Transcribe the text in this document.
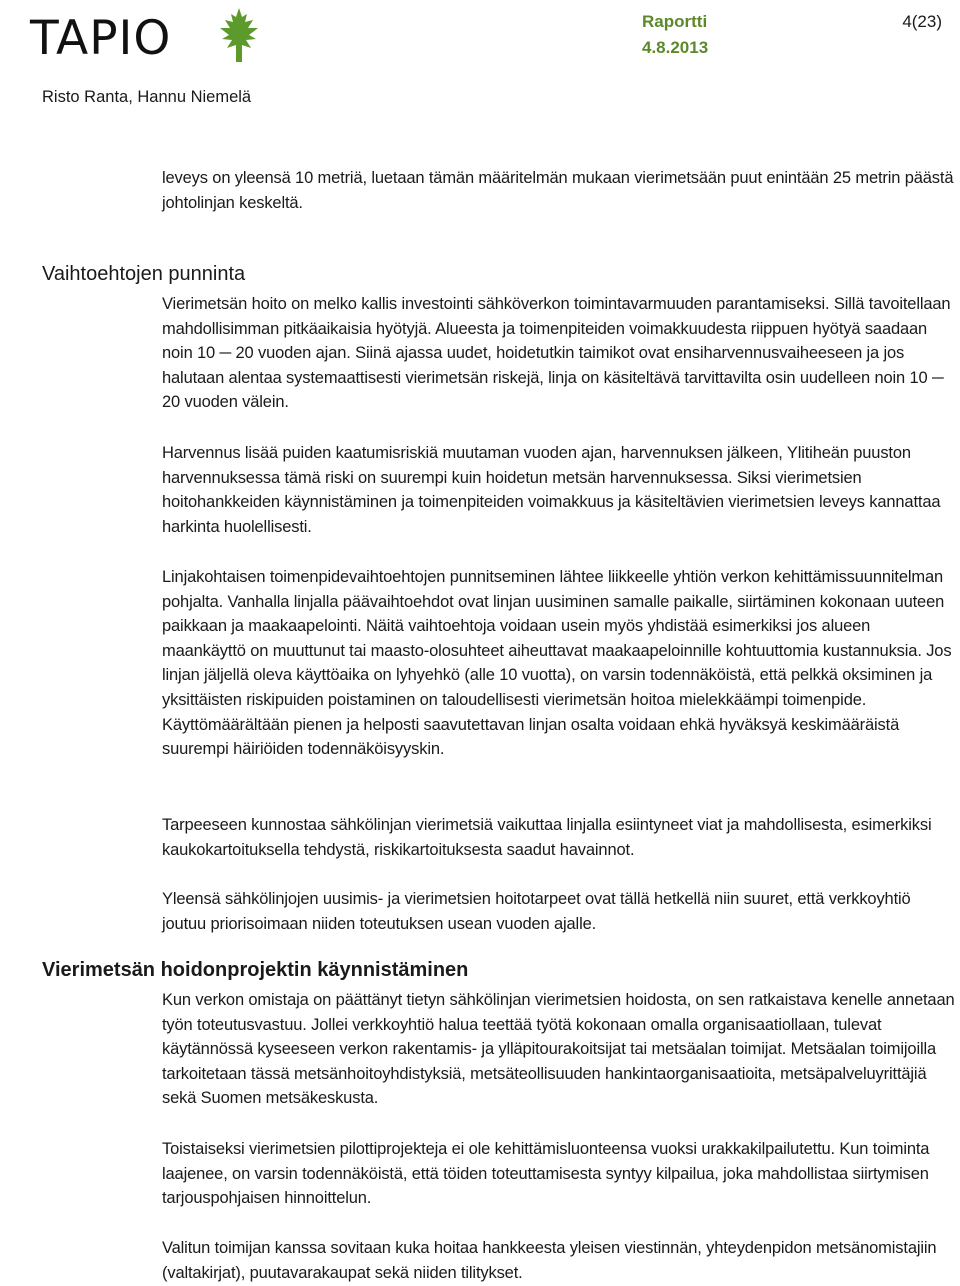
TAPIO	Raportti
4.8.2013
4(23)
Risto Ranta, Hannu Niemelä

leveys on yleensä 10 metriä, luetaan tämän määritelmän mukaan vierimetsään puut enintään 25 metrin päästä johtolinjan keskeltä.

Vaihtoehtojen punninta

Vierimetsän hoito on melko kallis investointi sähköverkon toimintavarmuuden parantamiseksi. Sillä tavoitellaan mahdollisimman pitkäaikaisia hyötyjä. Alueesta ja toimenpiteiden voimakkuudesta riippuen hyötyä saadaan noin 10 ─ 20 vuoden ajan. Siinä ajassa uudet, hoidetutkin taimikot ovat ensiharvennusvaiheeseen ja jos halutaan alentaa systemaattisesti vierimetsän riskejä, linja on käsiteltävä tarvittavilta osin uudelleen noin 10 ─ 20 vuoden välein.

Harvennus lisää puiden kaatumisriskiä muutaman vuoden ajan, harvennuksen jälkeen, Ylitiheän puuston harvennuksessa tämä riski on suurempi kuin hoidetun metsän harvennuksessa. Siksi vierimetsien hoitohankkeiden käynnistäminen ja toimenpiteiden voimakkuus ja käsiteltävien vierimetsien leveys kannattaa harkinta huolellisesti.

Linjakohtaisen toimenpidevaihtoehtojen punnitseminen lähtee liikkeelle yhtiön verkon kehittämissuunnitelman pohjalta. Vanhalla linjalla päävaihtoehdot ovat linjan uusiminen samalle paikalle, siirtäminen kokonaan uuteen paikkaan ja maakaapelointi. Näitä vaihtoehtoja voidaan usein myös yhdistää esimerkiksi jos alueen maankäyttö on muuttunut tai maasto-olosuhteet aiheuttavat maakaapeloinnille kohtuuttomia kustannuksia. Jos linjan jäljellä oleva käyttöaika on lyhyehkö (alle 10 vuotta), on varsin todennäköistä, että pelkkä oksiminen ja yksittäisten riskipuiden poistaminen on taloudellisesti vierimetsän hoitoa mielekkäämpi toimenpide. Käyttömäärältään pienen ja helposti saavutettavan linjan osalta voidaan ehkä hyväksyä keskimääräistä suurempi häiriöiden todennäköisyyskin.

Tarpeeseen kunnostaa sähkölinjan vierimetsiä vaikuttaa linjalla esiintyneet viat ja mahdollisesta, esimerkiksi kaukokartoituksella tehdystä, riskikartoituksesta saadut havainnot.

Yleensä sähkölinjojen uusimis- ja vierimetsien hoitotarpeet ovat tällä hetkellä niin suuret, että verkkoyhtiö joutuu priorisoimaan niiden toteutuksen usean vuoden ajalle.

Vierimetsän hoidonprojektin käynnistäminen

Kun verkon omistaja on päättänyt tietyn sähkölinjan vierimetsien hoidosta, on sen ratkaistava kenelle annetaan työn toteutusvastuu. Jollei verkkoyhtiö halua teettää työtä kokonaan omalla organisaatiollaan, tulevat käytännössä kyseeseen verkon rakentamis- ja ylläpitourakoitsijat tai metsäalan toimijat. Metsäalan toimijoilla tarkoitetaan tässä metsänhoitoyhdistyksiä, metsäteollisuuden hankintaorganisaatioita, metsäpalveluyrittäjiä sekä Suomen metsäkeskusta.

Toistaiseksi vierimetsien pilottiprojekteja ei ole kehittämisluonteensa vuoksi urakkakilpailutettu. Kun toiminta laajenee, on varsin todennäköistä, että töiden toteuttamisesta syntyy kilpailua, joka mahdollistaa siirtymisen tarjouspohjaisen hinnoittelun.

Valitun toimijan kanssa sovitaan kuka hoitaa hankkeesta yleisen viestinnän, yhteydenpidon metsänomistajiin (valtakirjat), puutavarakaupat sekä niiden tilitykset.
